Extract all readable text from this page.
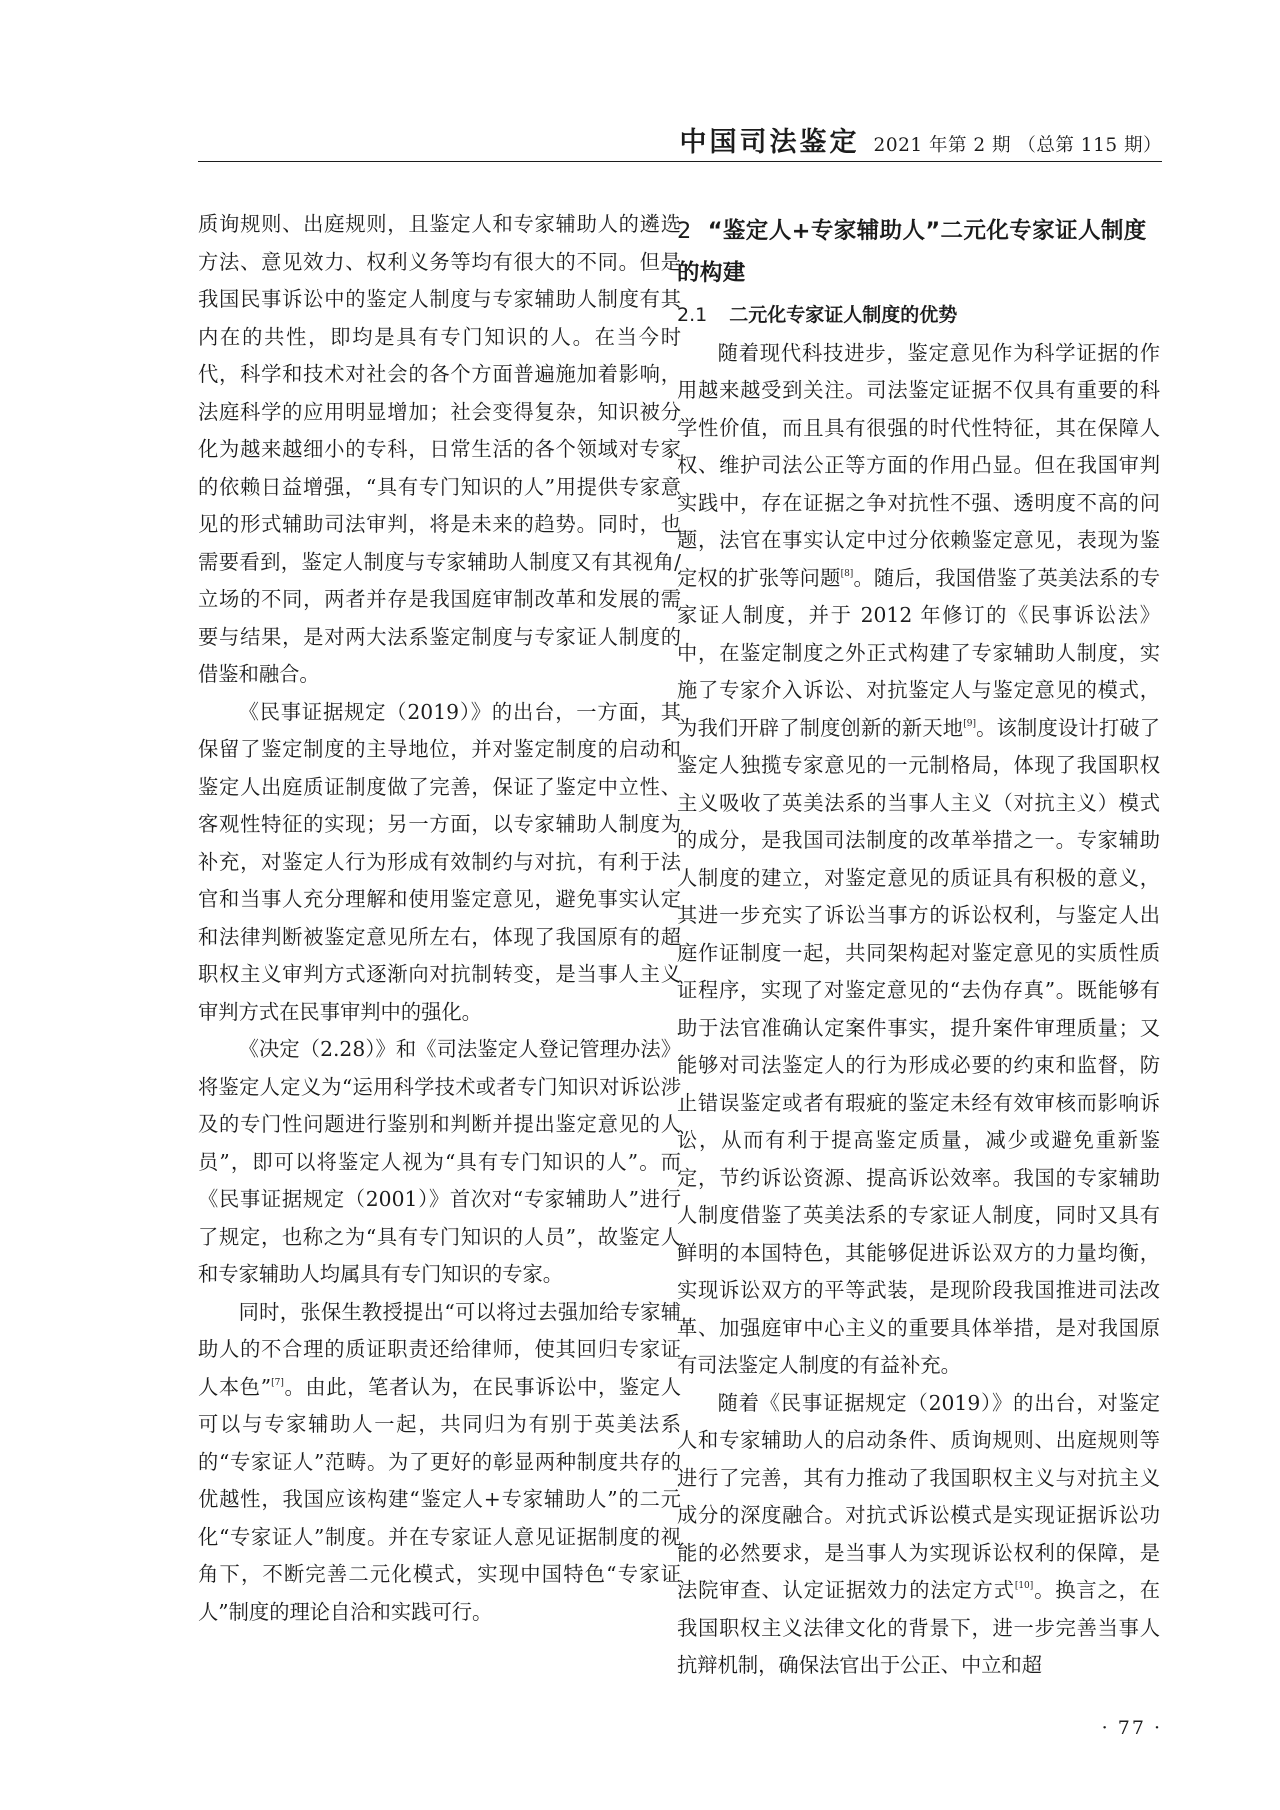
中国司法鉴定 2021 年第 2 期 （总第 115 期）

质询规则、出庭规则，且鉴定人和专家辅助人的遴选方法、意见效力、权利义务等均有很大的不同。但是我国民事诉讼中的鉴定人制度与专家辅助人制度有其内在的共性，即均是具有专门知识的人。在当今时代，科学和技术对社会的各个方面普遍施加着影响，法庭科学的应用明显增加；社会变得复杂，知识被分化为越来越细小的专科，日常生活的各个领域对专家的依赖日益增强，“具有专门知识的人”用提供专家意见的形式辅助司法审判，将是未来的趋势。同时，也需要看到，鉴定人制度与专家辅助人制度又有其视角/立场的不同，两者并存是我国庭审制改革和发展的需要与结果，是对两大法系鉴定制度与专家证人制度的借鉴和融合。

《民事证据规定（2019）》的出台，一方面，其保留了鉴定制度的主导地位，并对鉴定制度的启动和鉴定人出庭质证制度做了完善，保证了鉴定中立性、客观性特征的实现；另一方面，以专家辅助人制度为补充，对鉴定人行为形成有效制约与对抗，有利于法官和当事人充分理解和使用鉴定意见，避免事实认定和法律判断被鉴定意见所左右，体现了我国原有的超职权主义审判方式逐渐向对抗制转变，是当事人主义审判方式在民事审判中的强化。

《决定（2.28）》和《司法鉴定人登记管理办法》将鉴定人定义为“运用科学技术或者专门知识对诉讼涉及的专门性问题进行鉴别和判断并提出鉴定意见的人员”，即可以将鉴定人视为“具有专门知识的人”。而《民事证据规定（2001）》首次对“专家辅助人”进行了规定，也称之为“具有专门知识的人员”，故鉴定人和专家辅助人均属具有专门知识的专家。

同时，张保生教授提出“可以将过去强加给专家辅助人的不合理的质证职责还给律师，使其回归专家证人本色”[7]。由此，笔者认为，在民事诉讼中，鉴定人可以与专家辅助人一起，共同归为有别于英美法系的“专家证人”范畴。为了更好的彰显两种制度共存的优越性，我国应该构建“鉴定人+专家辅助人”的二元化“专家证人”制度。并在专家证人意见证据制度的视角下，不断完善二元化模式，实现中国特色“专家证人”制度的理论自洽和实践可行。

2 “鉴定人+专家辅助人”二元化专家证人制度的构建
2.1 二元化专家证人制度的优势

随着现代科技进步，鉴定意见作为科学证据的作用越来越受到关注。司法鉴定证据不仅具有重要的科学性价值，而且具有很强的时代性特征，其在保障人权、维护司法公正等方面的作用凸显。但在我国审判实践中，存在证据之争对抗性不强、透明度不高的问题，法官在事实认定中过分依赖鉴定意见，表现为鉴定权的扩张等问题[8]。随后，我国借鉴了英美法系的专家证人制度，并于 2012 年修订的《民事诉讼法》中，在鉴定制度之外正式构建了专家辅助人制度，实施了专家介入诉讼、对抗鉴定人与鉴定意见的模式，为我们开辟了制度创新的新天地[9]。该制度设计打破了鉴定人独揽专家意见的一元制格局，体现了我国职权主义吸收了英美法系的当事人主义（对抗主义）模式的成分，是我国司法制度的改革举措之一。专家辅助人制度的建立，对鉴定意见的质证具有积极的意义，其进一步充实了诉讼当事方的诉讼权利，与鉴定人出庭作证制度一起，共同架构起对鉴定意见的实质性质证程序，实现了对鉴定意见的“去伪存真”。既能够有助于法官准确认定案件事实，提升案件审理质量；又能够对司法鉴定人的行为形成必要的约束和监督，防止错误鉴定或者有瑕疵的鉴定未经有效审核而影响诉讼，从而有利于提高鉴定质量，减少或避免重新鉴定，节约诉讼资源、提高诉讼效率。我国的专家辅助人制度借鉴了英美法系的专家证人制度，同时又具有鲜明的本国特色，其能够促进诉讼双方的力量均衡，实现诉讼双方的平等武装，是现阶段我国推进司法改革、加强庭审中心主义的重要具体举措，是对我国原有司法鉴定人制度的有益补充。

随着《民事证据规定（2019）》的出台，对鉴定人和专家辅助人的启动条件、质询规则、出庭规则等进行了完善，其有力推动了我国职权主义与对抗主义成分的深度融合。对抗式诉讼模式是实现证据诉讼功能的必然要求，是当事人为实现诉讼权利的保障，是法院审查、认定证据效力的法定方式[10]。换言之，在我国职权主义法律文化的背景下，进一步完善当事人抗辩机制，确保法官出于公正、中立和超

· 77 ·
